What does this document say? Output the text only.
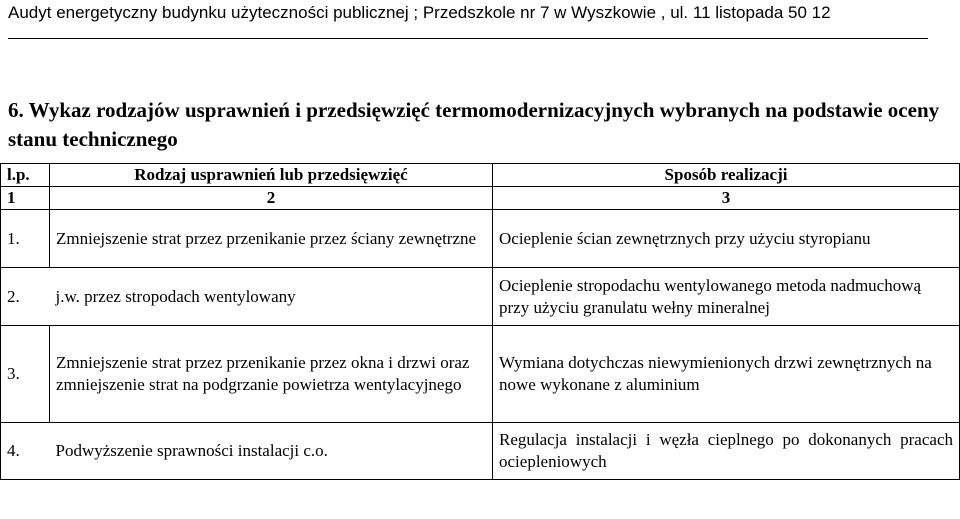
Audyt energetyczny budynku użyteczności publicznej ; Przedszkole nr 7 w Wyszkowie , ul. 11 listopada 50 12
6. Wykaz rodzajów usprawnień i przedsięwzięć termomodernizacyjnych wybranych na podstawie oceny stanu technicznego
l.p.	Rodzaj usprawnień lub przedsięwzięć	Sposób realizacji
1	2	3
1.	Zmniejszenie strat przez przenikanie przez ściany zewnętrzne	Ocieplenie ścian zewnętrznych przy użyciu styropianu
2.	j.w. przez stropodach wentylowany	Ocieplenie stropodachu wentylowanego metoda nadmuchową przy użyciu granulatu wełny mineralnej
3.	Zmniejszenie strat przez przenikanie przez okna i drzwi oraz zmniejszenie strat na podgrzanie powietrza wentylacyjnego	Wymiana dotychczas niewymienionych drzwi zewnętrznych na nowe wykonane z aluminium
4.	Podwyższenie sprawności instalacji c.o.	Regulacja instalacji i węzła cieplnego po dokonanych pracach ociepleniowych
